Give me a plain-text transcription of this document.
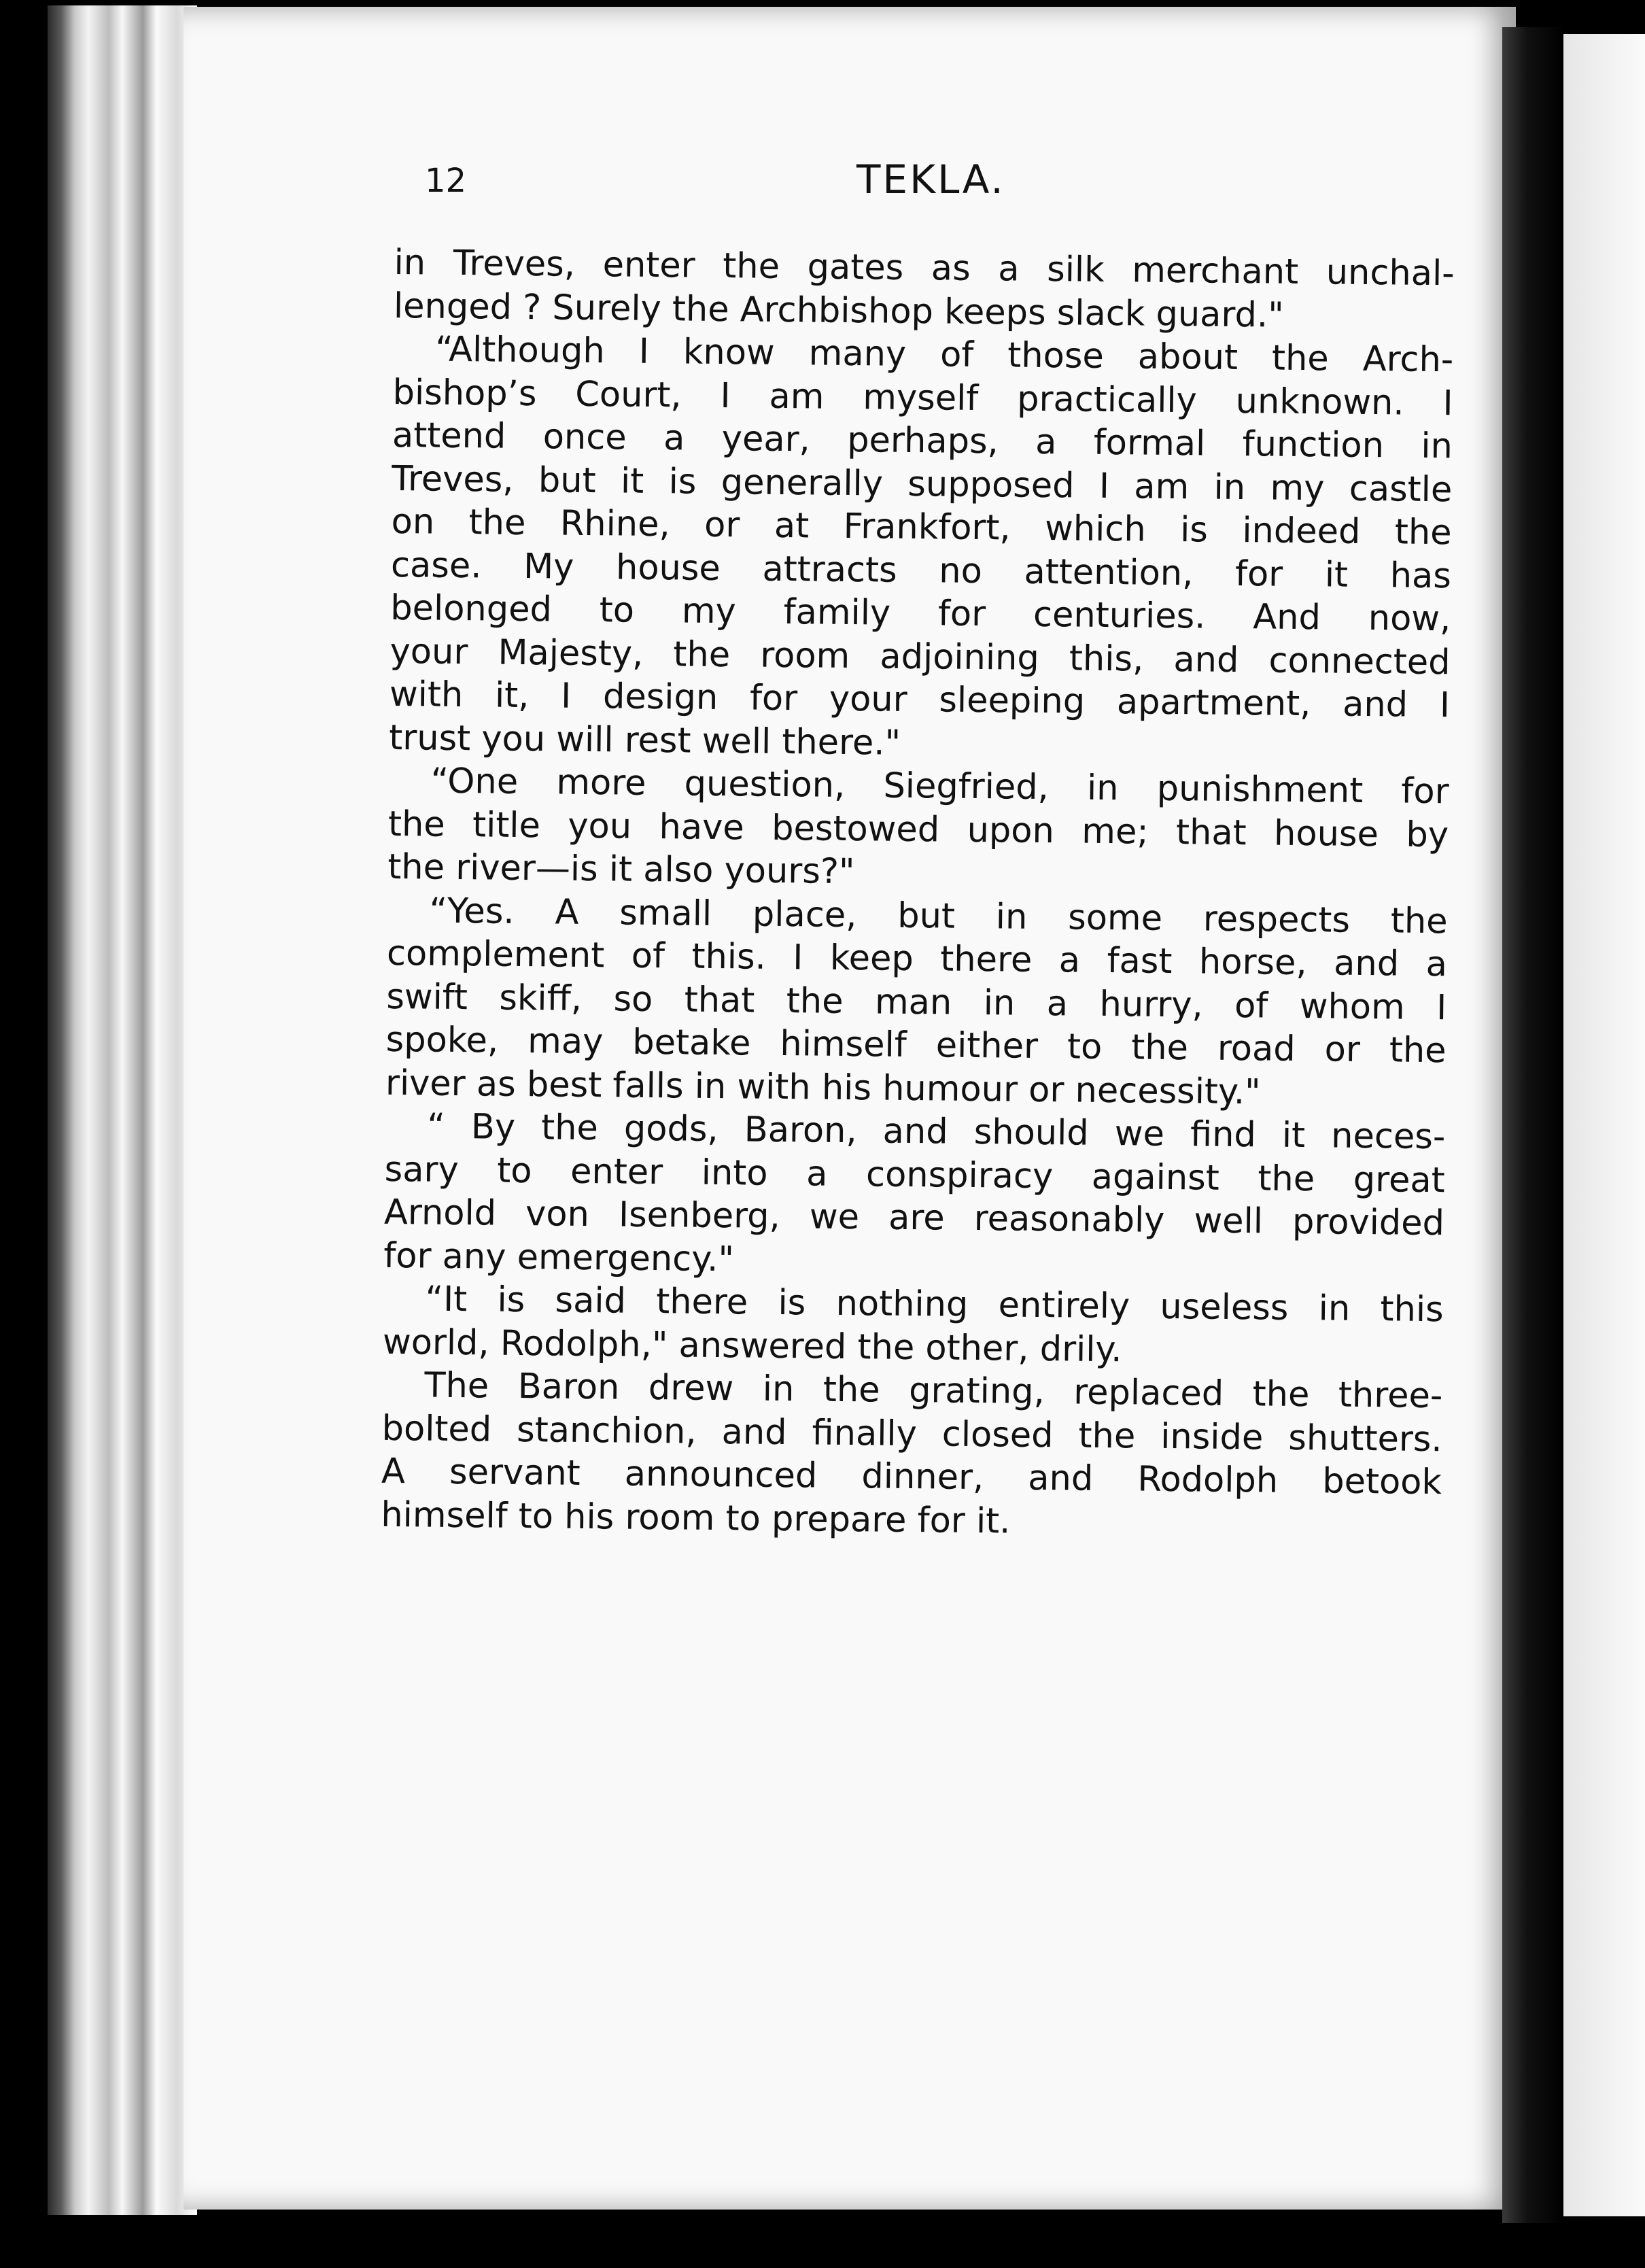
12	TEKLA.
in Treves, enter the gates as a silk merchant unchal-
lenged ? Surely the Archbishop keeps slack guard."
“Although I know many of those about the Arch-
bishop’s Court, I am myself practically unknown. I
attend once a year, perhaps, a formal function in
Treves, but it is generally supposed I am in my castle
on the Rhine, or at Frankfort, which is indeed the
case. My house attracts no attention, for it has
belonged to my family for centuries. And now,
your Majesty, the room adjoining this, and connected
with it, I design for your sleeping apartment, and I
trust you will rest well there."
“One more question, Siegfried, in punishment for
the title you have bestowed upon me; that house by
the river—is it also yours?"
“Yes. A small place, but in some respects the
complement of this. I keep there a fast horse, and a
swift skiff, so that the man in a hurry, of whom I
spoke, may betake himself either to the road or the
river as best falls in with his humour or necessity."
“ By the gods, Baron, and should we find it neces-
sary to enter into a conspiracy against the great
Arnold von Isenberg, we are reasonably well provided
for any emergency."
“It is said there is nothing entirely useless in this
world, Rodolph," answered the other, drily.
The Baron drew in the grating, replaced the three-
bolted stanchion, and finally closed the inside shutters.
A servant announced dinner, and Rodolph betook
himself to his room to prepare for it.
